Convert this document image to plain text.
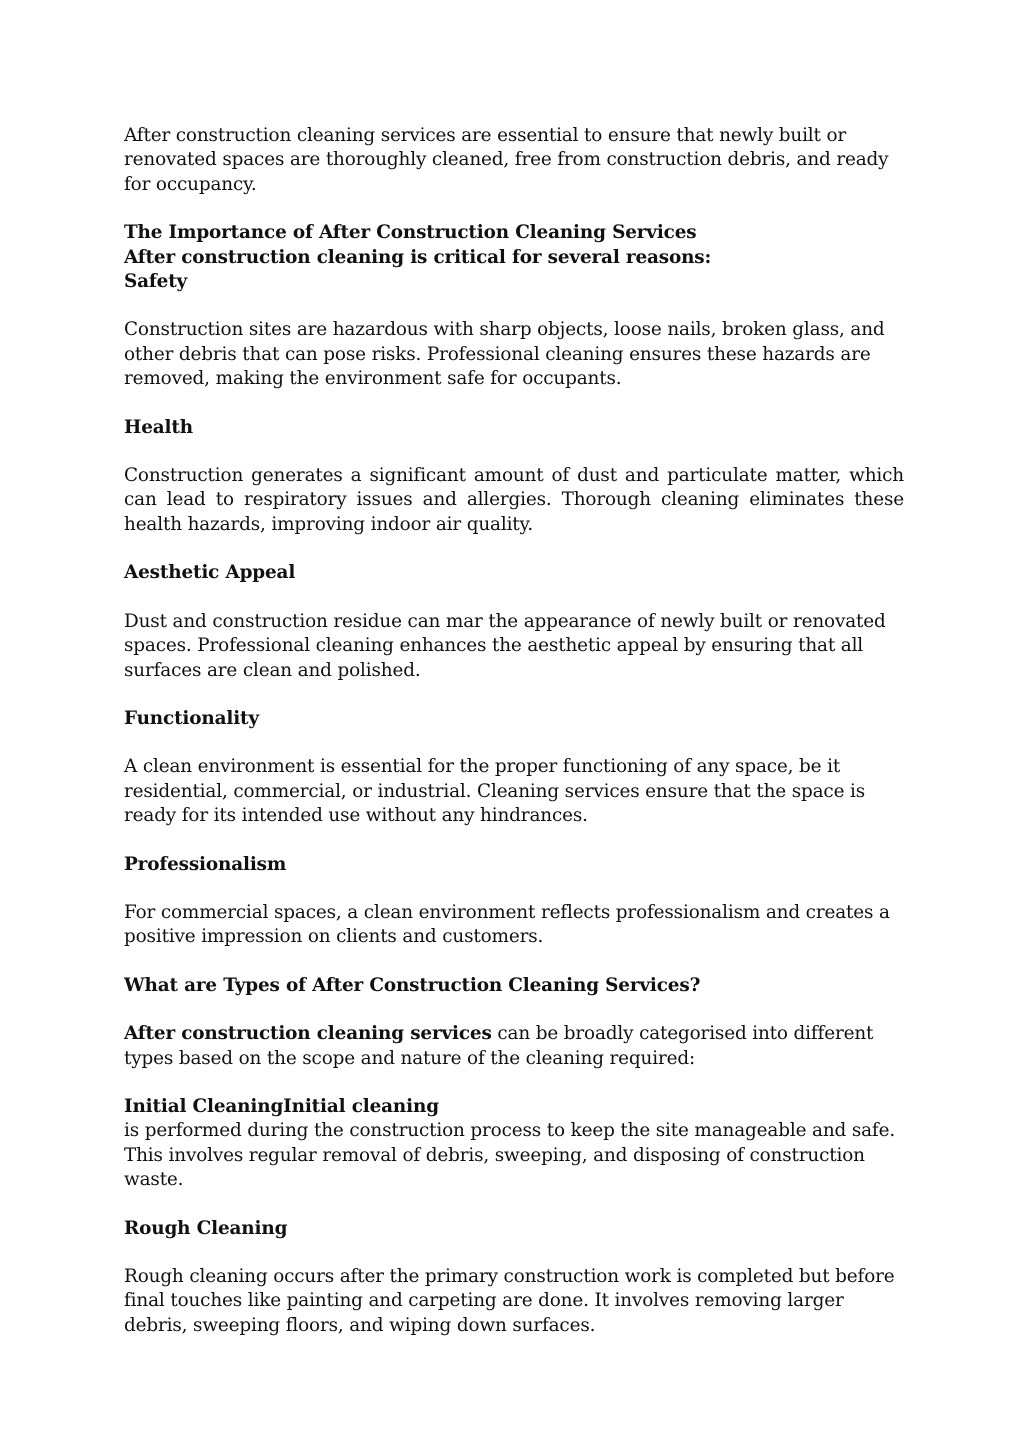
After construction cleaning services are essential to ensure that newly built or renovated spaces are thoroughly cleaned, free from construction debris, and ready for occupancy.

The Importance of After Construction Cleaning Services
After construction cleaning is critical for several reasons:
Safety

Construction sites are hazardous with sharp objects, loose nails, broken glass, and other debris that can pose risks. Professional cleaning ensures these hazards are removed, making the environment safe for occupants.

Health

Construction generates a significant amount of dust and particulate matter, which can lead to respiratory issues and allergies. Thorough cleaning eliminates these health hazards, improving indoor air quality.

Aesthetic Appeal

Dust and construction residue can mar the appearance of newly built or renovated spaces. Professional cleaning enhances the aesthetic appeal by ensuring that all surfaces are clean and polished.

Functionality

A clean environment is essential for the proper functioning of any space, be it residential, commercial, or industrial. Cleaning services ensure that the space is ready for its intended use without any hindrances.

Professionalism

For commercial spaces, a clean environment reflects professionalism and creates a positive impression on clients and customers.

What are Types of After Construction Cleaning Services?

After construction cleaning services can be broadly categorised into different types based on the scope and nature of the cleaning required:

Initial CleaningInitial cleaning

is performed during the construction process to keep the site manageable and safe. This involves regular removal of debris, sweeping, and disposing of construction waste.

Rough Cleaning

Rough cleaning occurs after the primary construction work is completed but before final touches like painting and carpeting are done. It involves removing larger debris, sweeping floors, and wiping down surfaces.
